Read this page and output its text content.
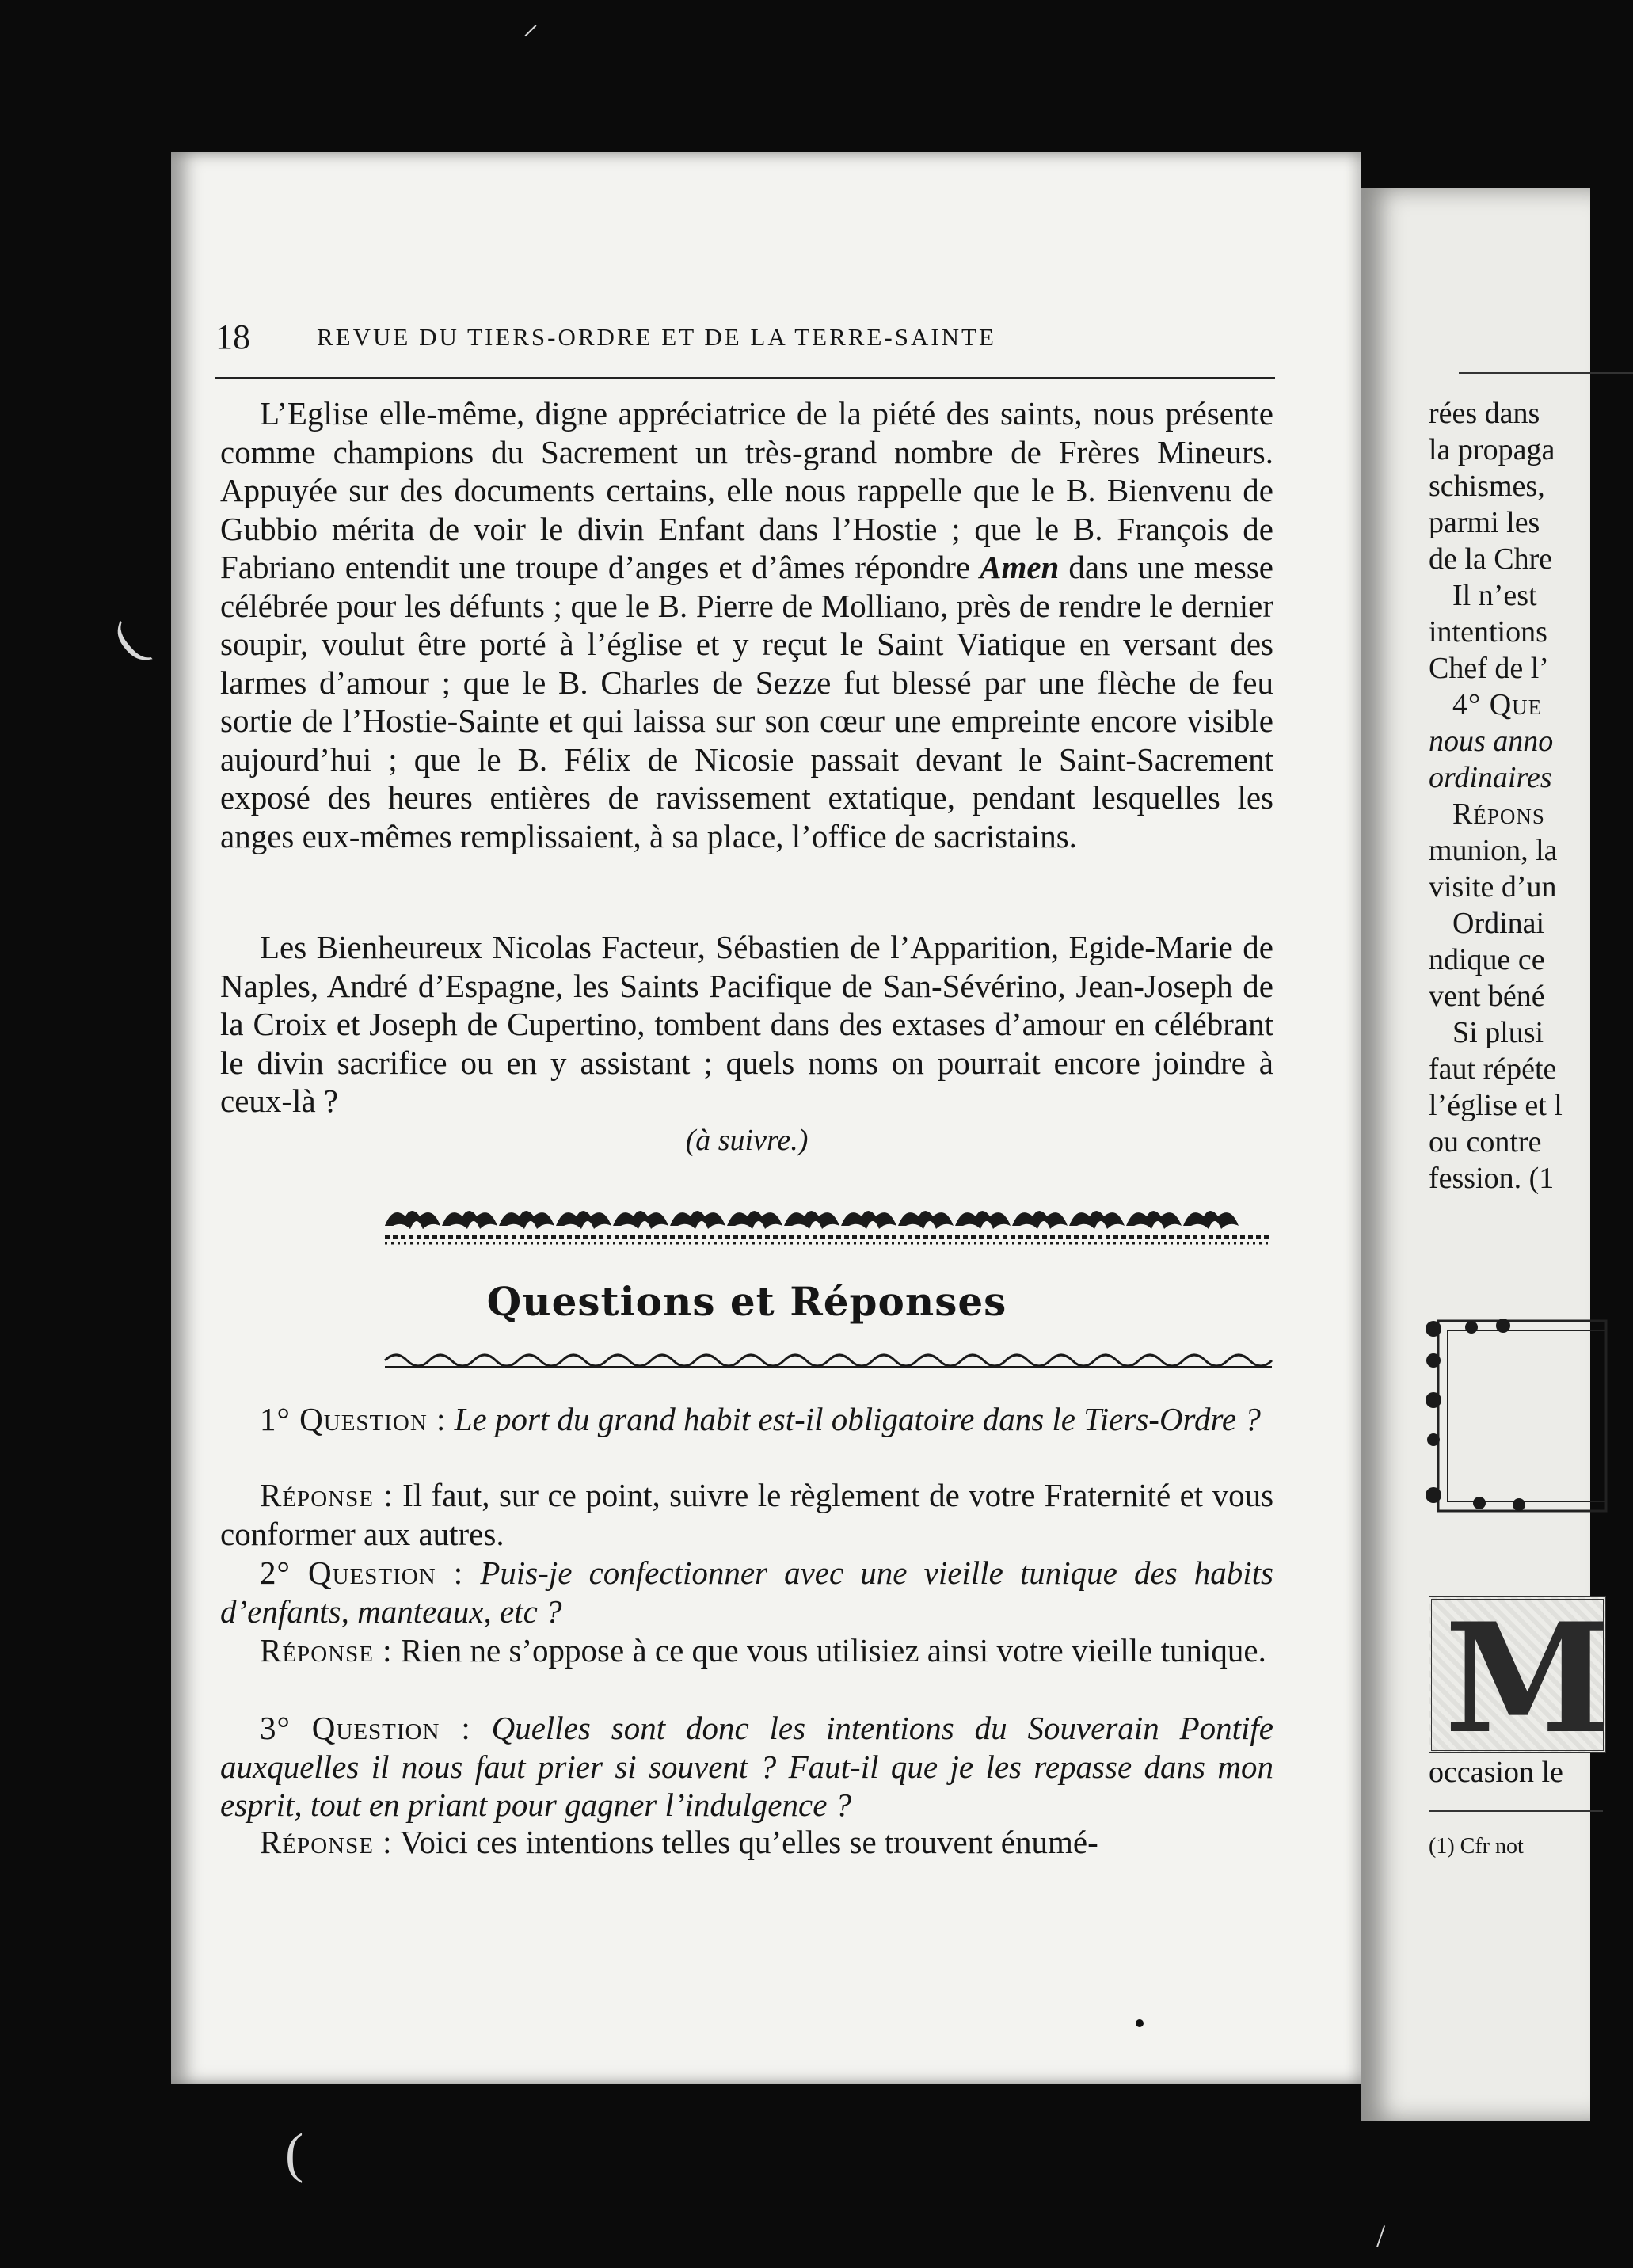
⸝
(
/
(
18	REVUE DU TIERS-ORDRE ET DE LA TERRE-SAINTE

L’Eglise elle-même, digne appréciatrice de la piété des saints, nous présente comme champions du Sacrement un très-grand nombre de Frères Mineurs. Appuyée sur des documents certains, elle nous rappelle que le B. Bienvenu de Gubbio mérita de voir le divin Enfant dans l’Hostie ; que le B. François de Fabriano entendit une troupe d’anges et d’âmes répondre Amen dans une messe célébrée pour les défunts ; que le B. Pierre de Molliano, près de rendre le dernier soupir, voulut être porté à l’église et y reçut le Saint Viatique en versant des larmes d’amour ; que le B. Charles de Sezze fut blessé par une flèche de feu sortie de l’Hostie-Sainte et qui laissa sur son cœur une empreinte encore visible aujourd’hui ; que le B. Félix de Nicosie passait devant le Saint-Sacrement exposé des heures entières de ravissement extatique, pendant lesquelles les anges eux-mêmes remplissaient, à sa place, l’office de sacristains.

Les Bienheureux Nicolas Facteur, Sébastien de l’Apparition, Egide-Marie de Naples, André d’Espagne, les Saints Pacifique de San-Sévérino, Jean-Joseph de la Croix et Joseph de Cupertino, tombent dans des extases d’amour en célébrant le divin sacrifice ou en y assistant ; quels noms on pourrait encore joindre à ceux-là ?

(à suivre.)

Questions et Réponses

1° Question : Le port du grand habit est-il obligatoire dans le Tiers-Ordre ?

Réponse : Il faut, sur ce point, suivre le règlement de votre Fraternité et vous conformer aux autres.

2° Question : Puis-je confectionner avec une vieille tunique des habits d’enfants, manteaux, etc ?

Réponse : Rien ne s’oppose à ce que vous utilisiez ainsi votre vieille tunique.

3° Question : Quelles sont donc les intentions du Souverain Pontife auxquelles il nous faut prier si souvent ? Faut-il que je les repasse dans mon esprit, tout en priant pour gagner l’indulgence ?

Réponse : Voici ces intentions telles qu’elles se trouvent énumé-

rées dans

la propaga

schismes,

parmi les

de la Chre

Il n’est

intentions

Chef de l’

4° Que

nous anno

ordinaires

Répons

munion, la

visite d’un

Ordinai

ndique ce

vent béné

Si plusi

faut répéte

l’église et l

ou contre

fession. (1

M

occasion le

(1) Cfr not
